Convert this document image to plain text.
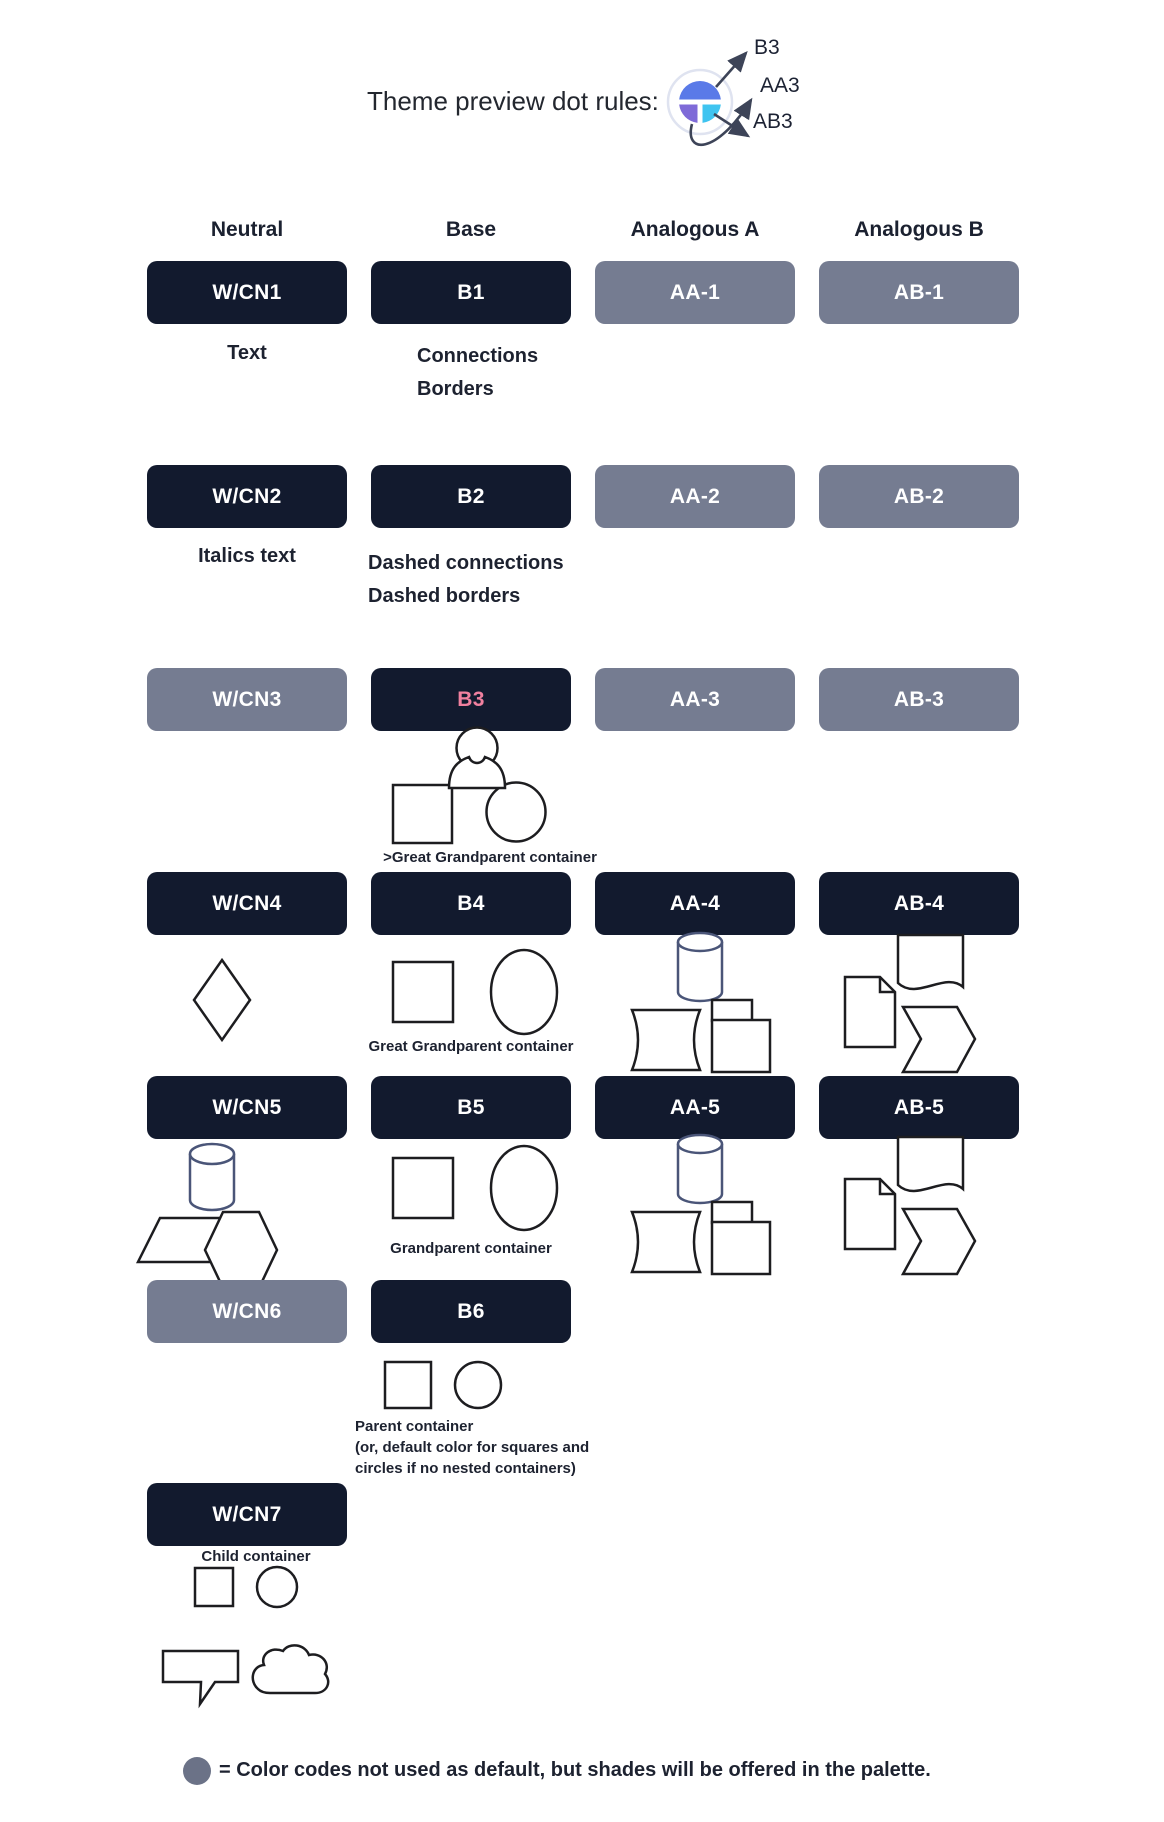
Theme preview dot rules:
B3
AA3
AB3
Neutral	Base	Analogous A	Analogous B
W/CN1	B1	AA-1	AB-1
Text	Connections
Borders
W/CN2	B2	AA-2	AB-2
Italics text	Dashed connections
Dashed borders
W/CN3	B3	AA-3	AB-3
>Great Grandparent container
W/CN4	B4	AA-4	AB-4
Great Grandparent container
W/CN5	B5	AA-5	AB-5
Grandparent container
W/CN6	B6
Parent container
(or, default color for squares and
circles if no nested containers)
W/CN7
Child container
= Color codes not used as default, but shades will be offered in the palette.
